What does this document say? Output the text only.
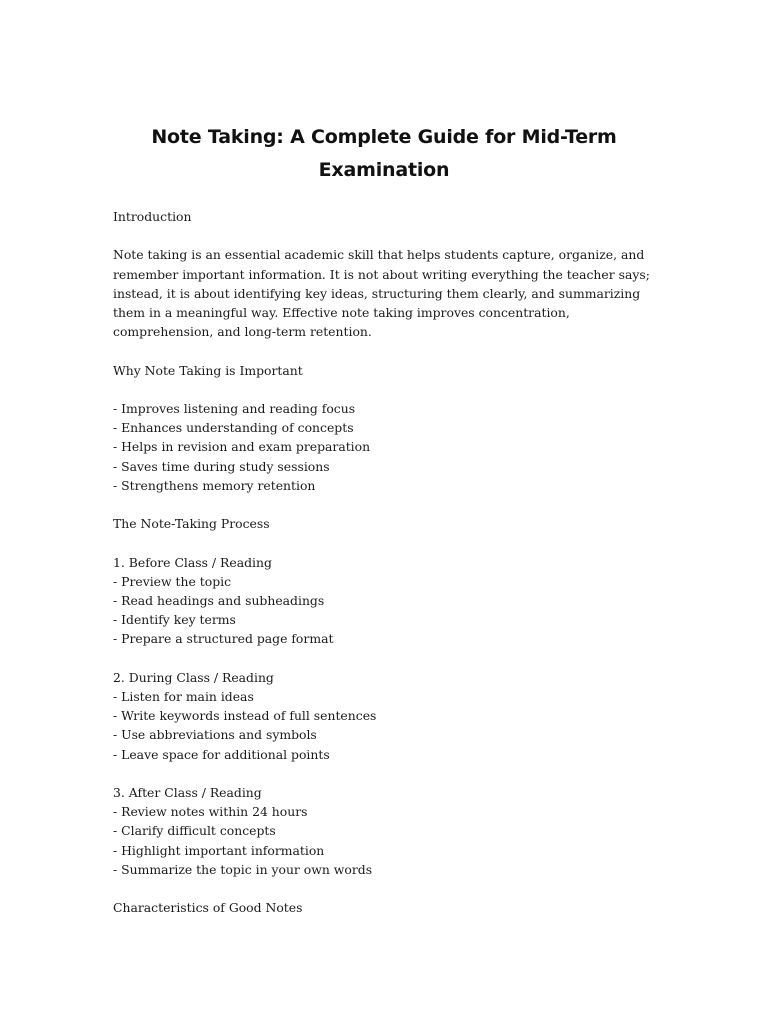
Note Taking: A Complete Guide for Mid-Term Examination

Introduction

Note taking is an essential academic skill that helps students capture, organize, and remember important information. It is not about writing everything the teacher says; instead, it is about identifying key ideas, structuring them clearly, and summarizing them in a meaningful way. Effective note taking improves concentration, comprehension, and long-term retention.

Why Note Taking is Important

- Improves listening and reading focus
- Enhances understanding of concepts
- Helps in revision and exam preparation
- Saves time during study sessions
- Strengthens memory retention

The Note-Taking Process

1. Before Class / Reading
- Preview the topic
- Read headings and subheadings
- Identify key terms
- Prepare a structured page format

2. During Class / Reading
- Listen for main ideas
- Write keywords instead of full sentences
- Use abbreviations and symbols
- Leave space for additional points

3. After Class / Reading
- Review notes within 24 hours
- Clarify difficult concepts
- Highlight important information
- Summarize the topic in your own words

Characteristics of Good Notes
